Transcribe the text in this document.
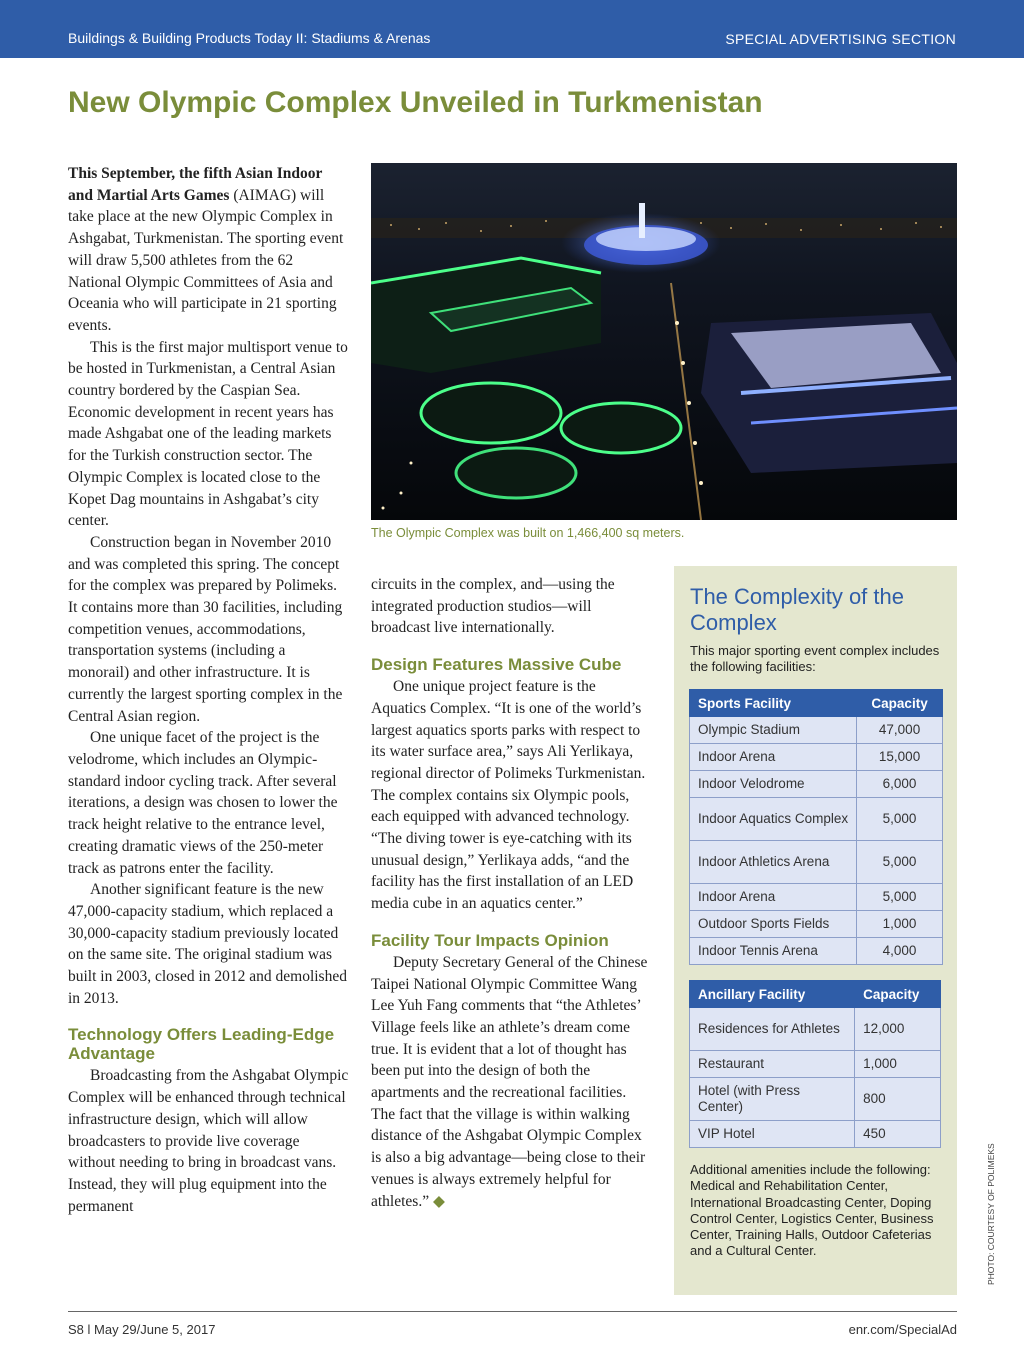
Buildings & Building Products Today II: Stadiums & Arenas	SPECIAL ADVERTISING SECTION
New Olympic Complex Unveiled in Turkmenistan

This September, the fifth Asian Indoor and Martial Arts Games (AIMAG) will take place at the new Olympic Complex in Ashgabat, Turkmenistan. The sporting event will draw 5,500 athletes from the 62 National Olympic Committees of Asia and Oceania who will participate in 21 sporting events.

This is the first major multisport venue to be hosted in Turkmenistan, a Central Asian country bordered by the Caspian Sea. Economic development in recent years has made Ashgabat one of the leading markets for the Turkish construction sector. The Olympic Complex is located close to the Kopet Dag mountains in Ashgabat’s city center.

Construction began in November 2010 and was completed this spring. The concept for the complex was prepared by Polimeks. It contains more than 30 facilities, including competition venues, accommodations, transportation systems (including a monorail) and other infrastructure. It is currently the largest sporting complex in the Central Asian region.

One unique facet of the project is the velodrome, which includes an Olympic-standard indoor cycling track. After several iterations, a design was chosen to lower the track height relative to the entrance level, creating dramatic views of the 250-meter track as patrons enter the facility.

Another significant feature is the new 47,000-capacity stadium, which replaced a 30,000-capacity stadium previously located on the same site. The original stadium was built in 2003, closed in 2012 and demolished in 2013.

Technology Offers Leading-Edge Advantage

Broadcasting from the Ashgabat Olympic Complex will be enhanced through technical infrastructure design, which will allow broadcasters to provide live coverage without needing to bring in broadcast vans. Instead, they will plug equipment into the permanent

The Olympic Complex was built on 1,466,400 sq meters.

circuits in the complex, and—using the integrated production studios—will broadcast live internationally.

Design Features Massive Cube

One unique project feature is the Aquatics Complex. “It is one of the world’s largest aquatics sports parks with respect to its water surface area,” says Ali Yerlikaya, regional director of Polimeks Turkmenistan. The complex contains six Olympic pools, each equipped with advanced technology. “The diving tower is eye-catching with its unusual design,” Yerlikaya adds, “and the facility has the first installation of an LED media cube in an aquatics center.”

Facility Tour Impacts Opinion

Deputy Secretary General of the Chinese Taipei National Olympic Committee Wang Lee Yuh Fang comments that “the Athletes’ Village feels like an athlete’s dream come true. It is evident that a lot of thought has been put into the design of both the apartments and the recreational facilities. The fact that the village is within walking distance of the Ashgabat Olympic Complex is also a big advantage—being close to their venues is always extremely helpful for athletes.” ◆

The Complexity of the Complex
This major sporting event complex includes the following facilities:
Sports Facility	Capacity
Olympic Stadium	47,000
Indoor Arena	15,000
Indoor Velodrome	6,000
Indoor Aquatics Complex	5,000
Indoor Athletics Arena	5,000
Indoor Arena	5,000
Outdoor Sports Fields	1,000
Indoor Tennis Arena	4,000
Ancillary Facility	Capacity
Residences for Athletes	12,000
Restaurant	1,000
Hotel (with Press Center)	800
VIP Hotel	450
Additional amenities include the following: Medical and Rehabilitation Center, International Broadcasting Center, Doping Control Center, Logistics Center, Business Center, Training Halls, Outdoor Cafeterias and a Cultural Center.	PHOTO: COURTESY OF POLIMEKS
S8 l May 29/June 5, 2017	enr.com/SpecialAd
